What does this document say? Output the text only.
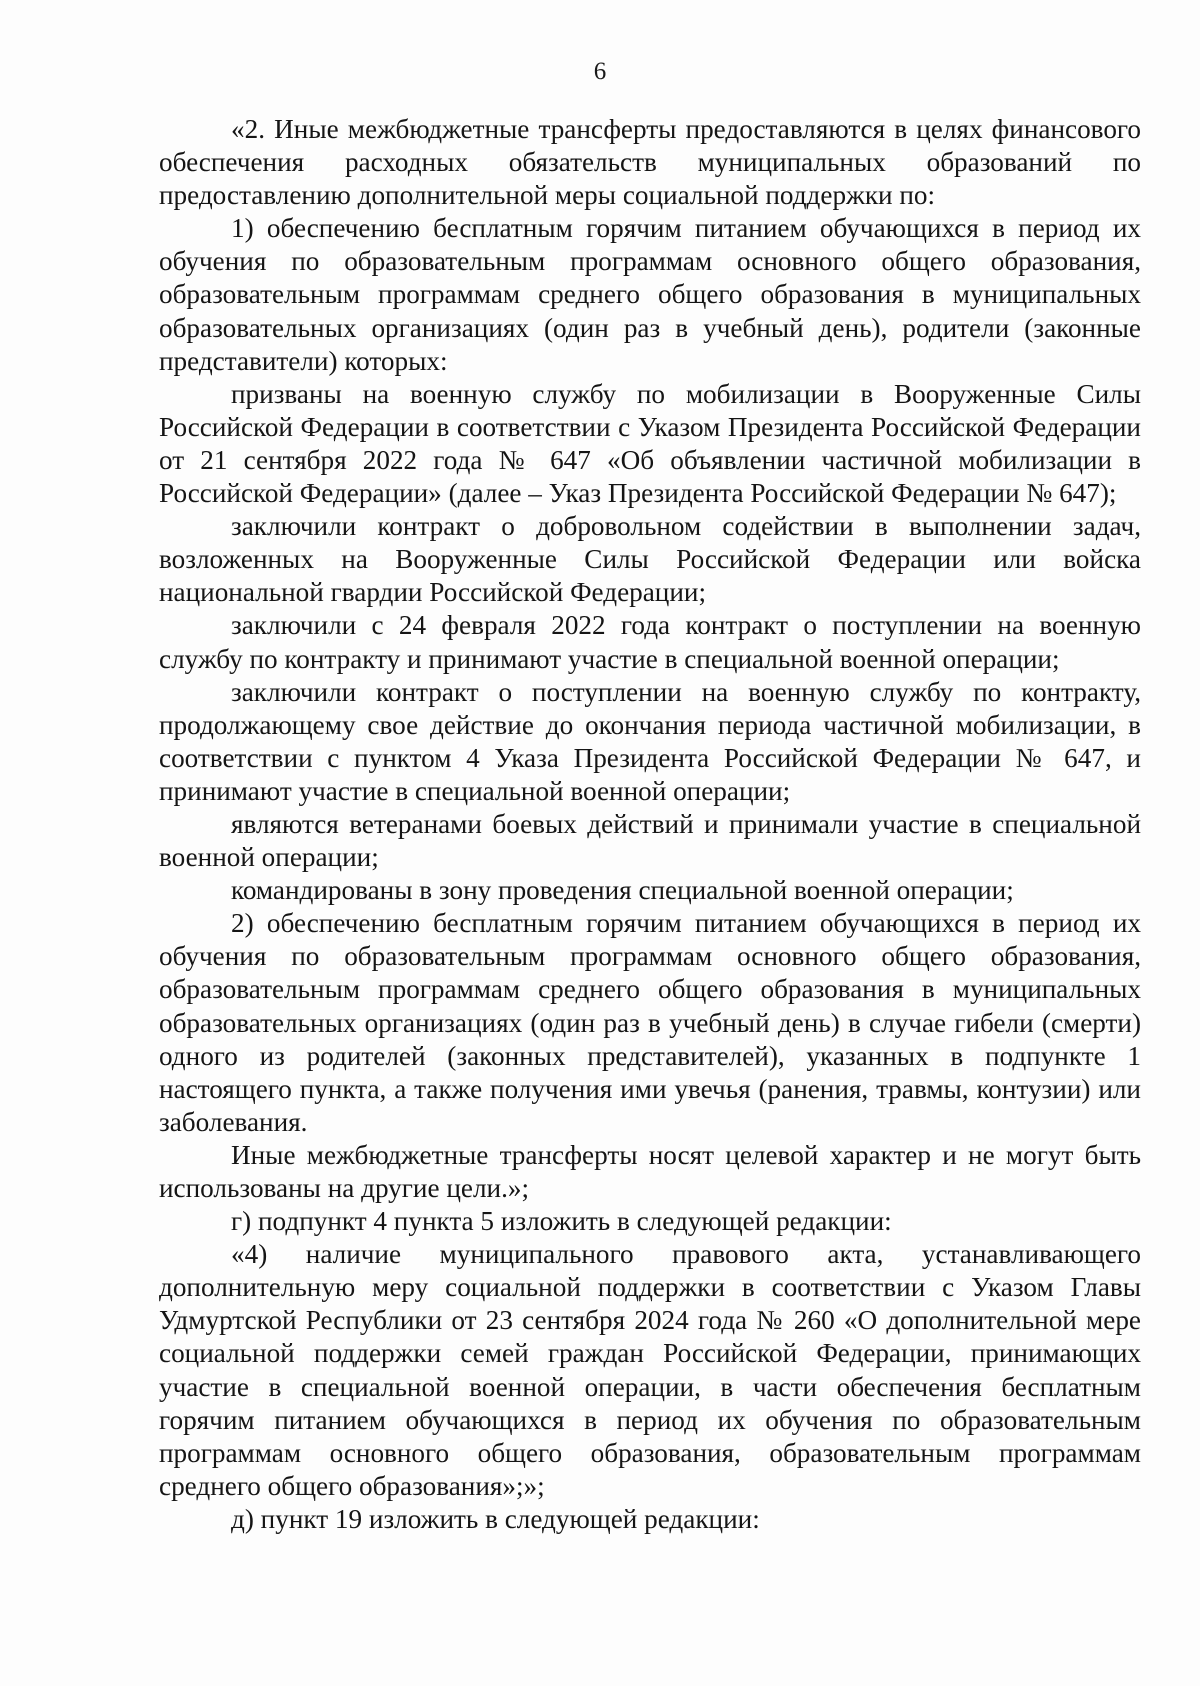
6

«2. Иные межбюджетные трансферты предоставляются в целях финансового обеспечения расходных обязательств муниципальных образований по предоставлению дополнительной меры социальной поддержки по:

1) обеспечению бесплатным горячим питанием обучающихся в период их обучения по образовательным программам основного общего образования, образовательным программам среднего общего образования в муниципальных образовательных организациях (один раз в учебный день), родители (законные представители) которых:

призваны на военную службу по мобилизации в Вооруженные Силы Российской Федерации в соответствии с Указом Президента Российской Федерации от 21 сентября 2022 года № 647 «Об объявлении частичной мобилизации в Российской Федерации» (далее – Указ Президента Российской Федерации № 647);

заключили контракт о добровольном содействии в выполнении задач, возложенных на Вооруженные Силы Российской Федерации или войска национальной гвардии Российской Федерации;

заключили с 24 февраля 2022 года контракт о поступлении на военную службу по контракту и принимают участие в специальной военной операции;

заключили контракт о поступлении на военную службу по контракту, продолжающему свое действие до окончания периода частичной мобилизации, в соответствии с пунктом 4 Указа Президента Российской Федерации № 647, и принимают участие в специальной военной операции;

являются ветеранами боевых действий и принимали участие в специальной военной операции;

командированы в зону проведения специальной военной операции;

2) обеспечению бесплатным горячим питанием обучающихся в период их обучения по образовательным программам основного общего образования, образовательным программам среднего общего образования в муниципальных образовательных организациях (один раз в учебный день) в случае гибели (смерти) одного из родителей (законных представителей), указанных в подпункте 1 настоящего пункта, а также получения ими увечья (ранения, травмы, контузии) или заболевания.

Иные межбюджетные трансферты носят целевой характер и не могут быть использованы на другие цели.»;

г) подпункт 4 пункта 5 изложить в следующей редакции:

«4) наличие муниципального правового акта, устанавливающего дополнительную меру социальной поддержки в соответствии с Указом Главы Удмуртской Республики от 23 сентября 2024 года № 260 «О дополнительной мере социальной поддержки семей граждан Российской Федерации, принимающих участие в специальной военной операции, в части обеспечения бесплатным горячим питанием обучающихся в период их обучения по образовательным программам основного общего образования, образовательным программам среднего общего образования»;»;

д) пункт 19 изложить в следующей редакции:
